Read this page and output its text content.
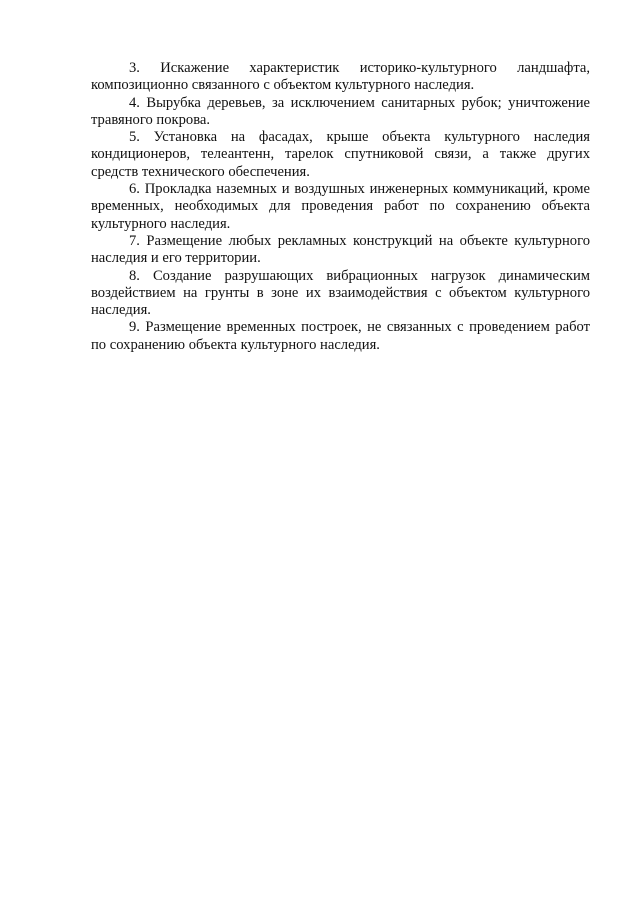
3. Искажение характеристик историко-культурного ландшафта, композиционно связанного с объектом культурного наследия.

4. Вырубка деревьев, за исключением санитарных рубок; уничтожение травяного покрова.

5. Установка на фасадах, крыше объекта культурного наследия кондиционеров, телеантенн, тарелок спутниковой связи, а также других средств технического обеспечения.

6. Прокладка наземных и воздушных инженерных коммуникаций, кроме временных, необходимых для проведения работ по сохранению объекта культурного наследия.

7. Размещение любых рекламных конструкций на объекте культурного наследия и его территории.

8. Создание разрушающих вибрационных нагрузок динамическим воздействием на грунты в зоне их взаимодействия с объектом культурного наследия.

9. Размещение временных построек, не связанных с проведением работ по сохранению объекта культурного наследия.
